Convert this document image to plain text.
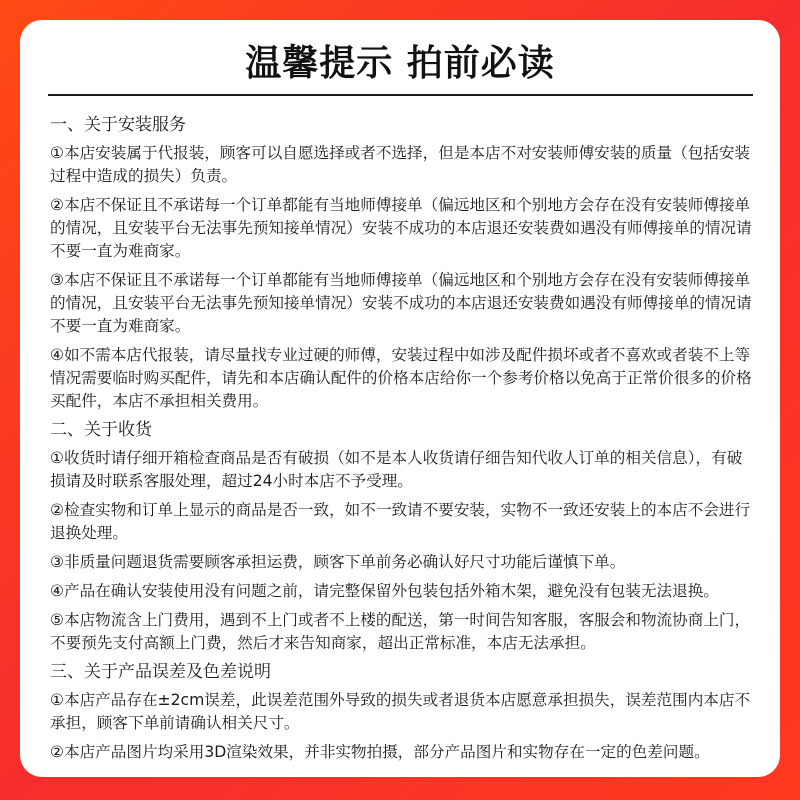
温馨提示 拍前必读
一、关于安装服务
①本店安装属于代报装，顾客可以自愿选择或者不选择，但是本店不对安装师傅安装的质量（包括安装过程中造成的损失）负责。
②本店不保证且不承诺每一个订单都能有当地师傅接单（偏远地区和个别地方会存在没有安装师傅接单的情况，且安装平台无法事先预知接单情况）安装不成功的本店退还安装费如遇没有师傅接单的情况请不要一直为难商家。
③本店不保证且不承诺每一个订单都能有当地师傅接单（偏远地区和个别地方会存在没有安装师傅接单的情况，且安装平台无法事先预知接单情况）安装不成功的本店退还安装费如遇没有师傅接单的情况请不要一直为难商家。
④如不需本店代报装，请尽量找专业过硬的师傅，安装过程中如涉及配件损坏或者不喜欢或者装不上等情况需要临时购买配件，请先和本店确认配件的价格本店给你一个参考价格以免高于正常价很多的价格买配件，本店不承担相关费用。
二、关于收货
①收货时请仔细开箱检查商品是否有破损（如不是本人收货请仔细告知代收人订单的相关信息），有破损请及时联系客服处理，超过24小时本店不予受理。
②检查实物和订单上显示的商品是否一致，如不一致请不要安装，实物不一致还安装上的本店不会进行退换处理。
③非质量问题退货需要顾客承担运费，顾客下单前务必确认好尺寸功能后谨慎下单。
④产品在确认安装使用没有问题之前，请完整保留外包装包括外箱木架，避免没有包装无法退换。
⑤本店物流含上门费用，遇到不上门或者不上楼的配送，第一时间告知客服，客服会和物流协商上门，不要预先支付高额上门费，然后才来告知商家，超出正常标准，本店无法承担。
三、关于产品误差及色差说明
①本店产品存在±2cm误差，此误差范围外导致的损失或者退货本店愿意承担损失，误差范围内本店不承担，顾客下单前请确认相关尺寸。
②本店产品图片均采用3D渲染效果，并非实物拍摄，部分产品图片和实物存在一定的色差问题。
